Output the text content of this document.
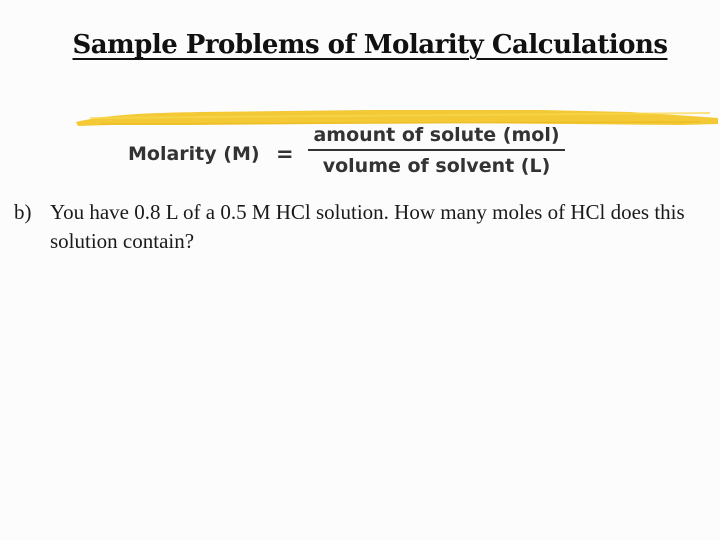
Sample Problems of Molarity Calculations
Molarity (M) =
amount of solute (mol)
volume of solvent (L)
b) You have 0.8 L of a 0.5 M HCl solution. How many moles of HCl does this solution contain?
